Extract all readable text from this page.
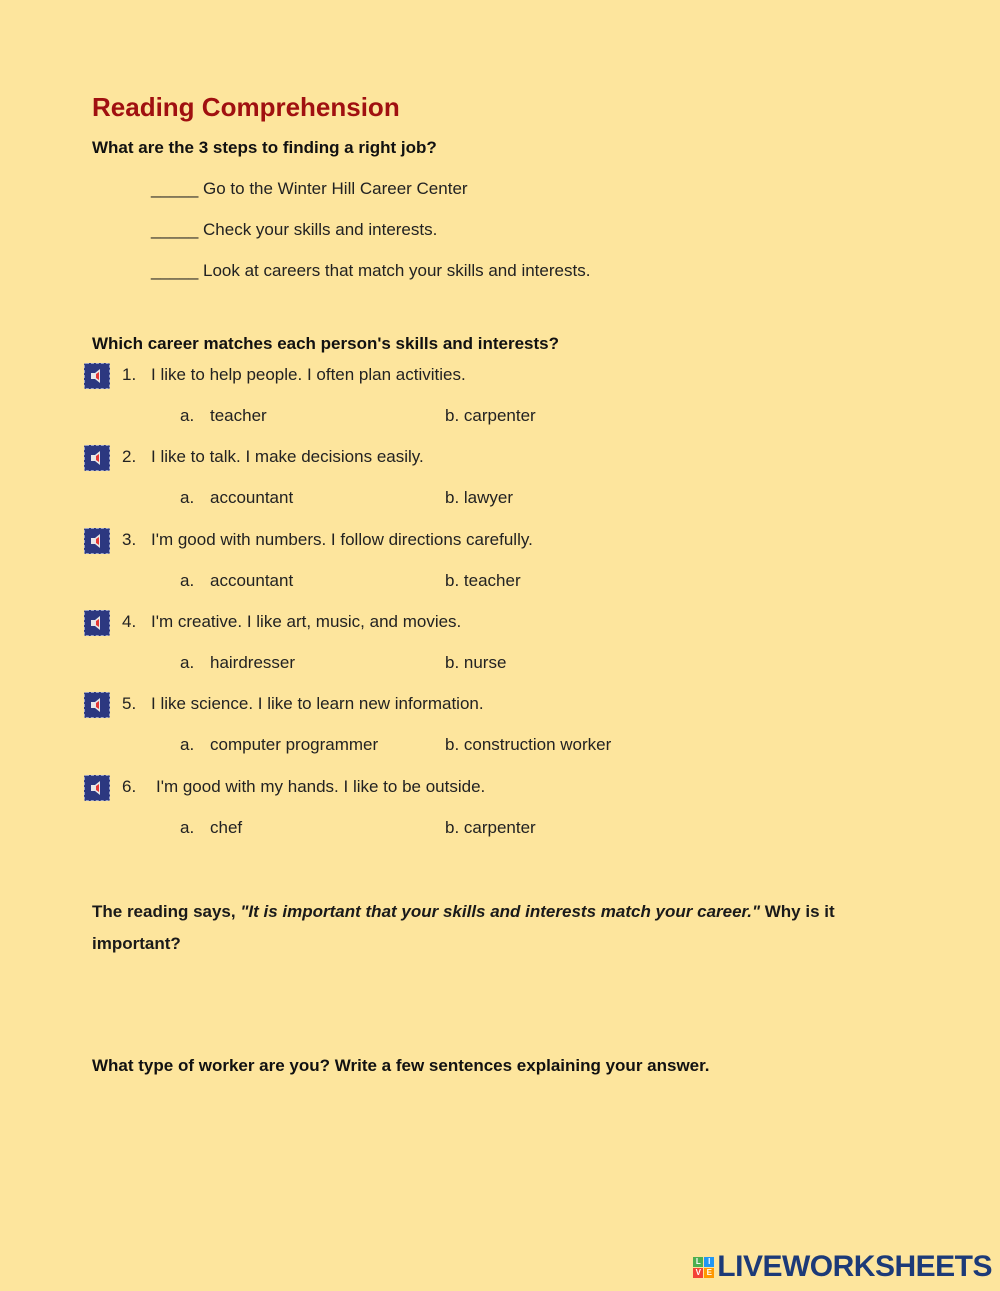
Reading Comprehension
What are the 3 steps to finding a right job?
_____ Go to the Winter Hill Career Center
_____ Check your skills and interests.
_____ Look at careers that match your skills and interests.
Which career matches each person's skills and interests?
1. I like to help people. I often plan activities.
a. teacher	b. carpenter
2. I like to talk. I make decisions easily.
a. accountant	b. lawyer
3. I'm good with numbers. I follow directions carefully.
a. accountant	b. teacher
4. I'm creative. I like art, music, and movies.
a. hairdresser	b. nurse
5. I like science. I like to learn new information.
a. computer programmer	b. construction worker
6. I'm good with my hands. I like to be outside.
a. chef	b. carpenter
The reading says, "It is important that your skills and interests match your career." Why is it important?
What type of worker are you? Write a few sentences explaining your answer.
L I
V E LIVEWORKSHEETS
